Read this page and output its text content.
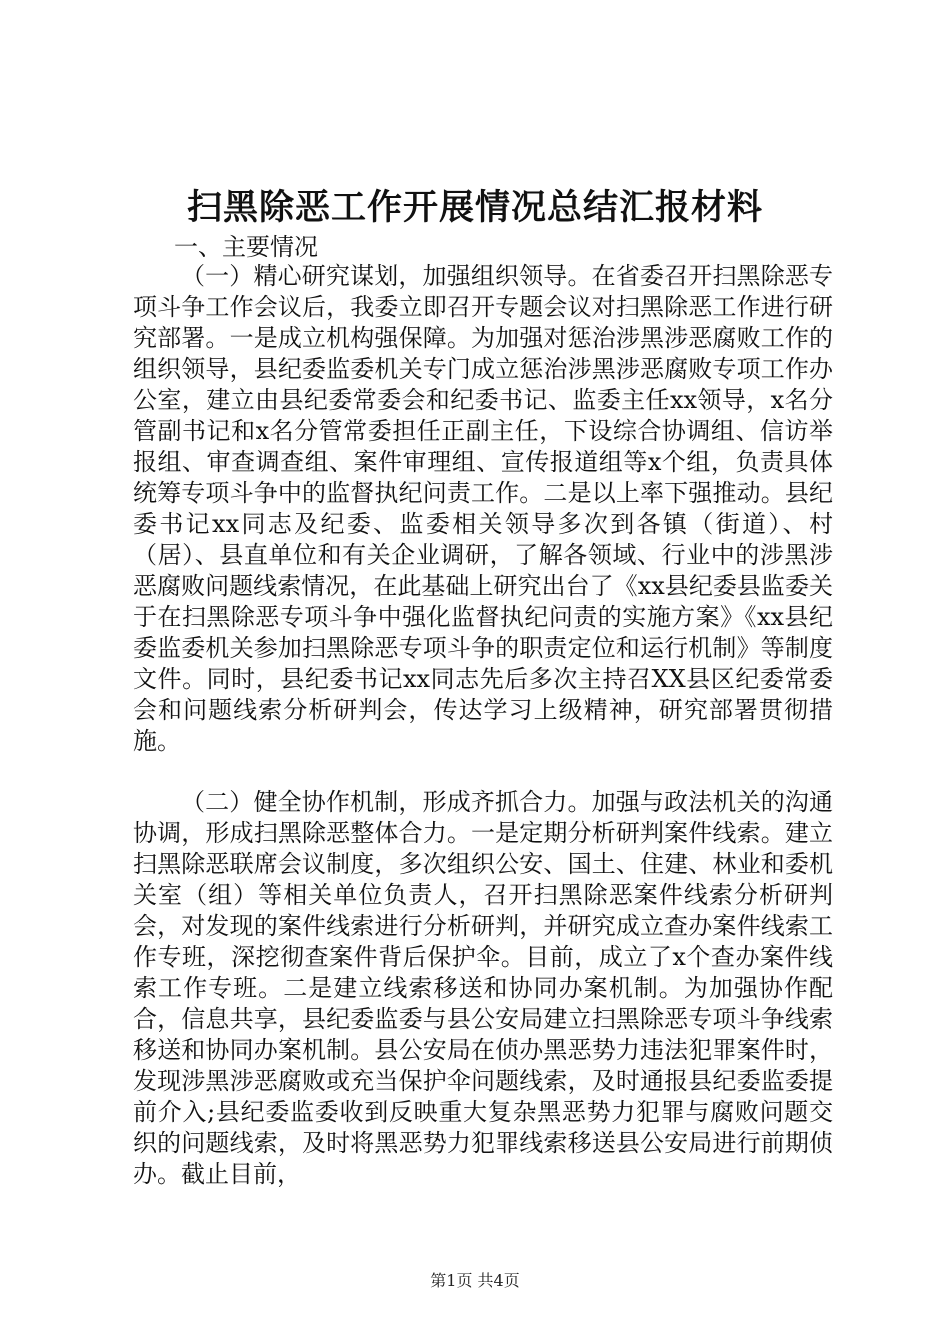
扫黑除恶工作开展情况总结汇报材料

一、主要情况

（一）精心研究谋划，加强组织领导。在省委召开扫黑除恶专项斗争工作会议后，我委立即召开专题会议对扫黑除恶工作进行研究部署。一是成立机构强保障。为加强对惩治涉黑涉恶腐败工作的组织领导，县纪委监委机关专门成立惩治涉黑涉恶腐败专项工作办公室，建立由县纪委常委会和纪委书记、监委主任xx领导，x名分管副书记和x名分管常委担任正副主任，下设综合协调组、信访举报组、审查调查组、案件审理组、宣传报道组等x个组，负责具体统筹专项斗争中的监督执纪问责工作。二是以上率下强推动。县纪委书记xx同志及纪委、监委相关领导多次到各镇（街道）、村（居）、县直单位和有关企业调研，了解各领域、行业中的涉黑涉恶腐败问题线索情况，在此基础上研究出台了《xx县纪委县监委关于在扫黑除恶专项斗争中强化监督执纪问责的实施方案》《xx县纪委监委机关参加扫黑除恶专项斗争的职责定位和运行机制》等制度文件。同时，县纪委书记xx同志先后多次主持召XX县区纪委常委会和问题线索分析研判会，传达学习上级精神，研究部署贯彻措施。

（二）健全协作机制，形成齐抓合力。加强与政法机关的沟通协调，形成扫黑除恶整体合力。一是定期分析研判案件线索。建立扫黑除恶联席会议制度，多次组织公安、国土、住建、林业和委机关室（组）等相关单位负责人，召开扫黑除恶案件线索分析研判会，对发现的案件线索进行分析研判，并研究成立查办案件线索工作专班，深挖彻查案件背后保护伞。目前，成立了x个查办案件线索工作专班。二是建立线索移送和协同办案机制。为加强协作配合，信息共享，县纪委监委与县公安局建立扫黑除恶专项斗争线索移送和协同办案机制。县公安局在侦办黑恶势力违法犯罪案件时，发现涉黑涉恶腐败或充当保护伞问题线索，及时通报县纪委监委提前介入;县纪委监委收到反映重大复杂黑恶势力犯罪与腐败问题交织的问题线索，及时将黑恶势力犯罪线索移送县公安局进行前期侦办。截止目前，

第1页 共4页
